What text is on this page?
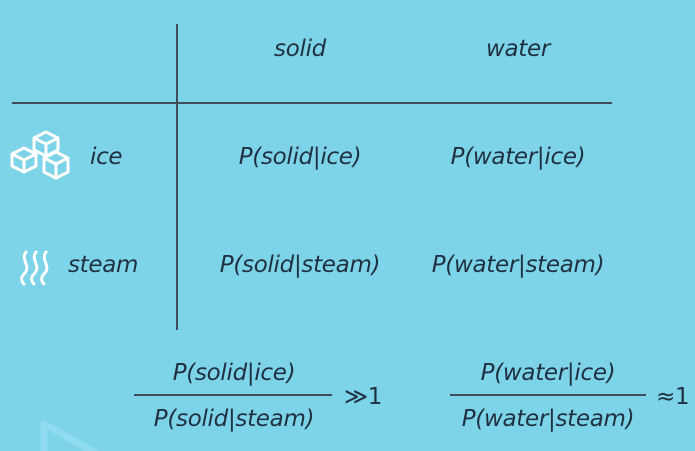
solid	water
ice	P(solid|ice)	P(water|ice)
steam	P(solid|steam) P(water|steam)
P(solid|ice)
P(solid|steam)
≫1
P(water|ice)
P(water|steam)
≈1
